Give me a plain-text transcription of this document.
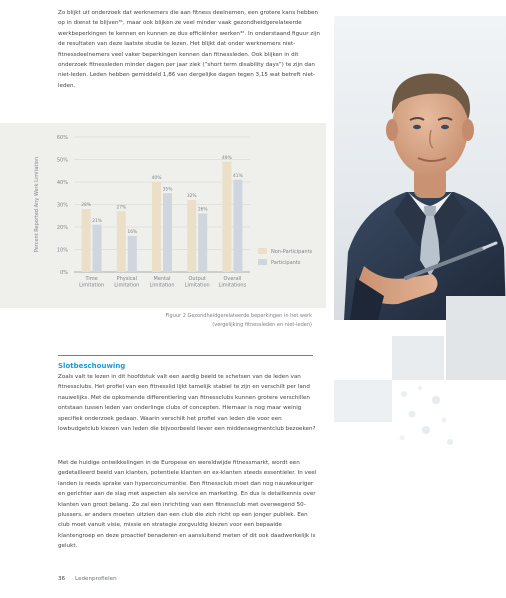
Zo blijkt uit onderzoek dat werknemers die aan fitness deelnemen, een grotere kans hebben op in dienst te blijven³¹, maar ook blijken ze veel minder vaak gezondheidgerelateerde werkbeperkingen te kennen en kunnen ze dus efficiënter werken³². In onderstaand figuur zijn de resultaten van deze laatste studie te lezen. Het blijkt dat onder werknemers niet-fitnessdeelnemers veel vaker beperkingen kennen dan fitnessleden. Ook blijken in dit onderzoek fitnessleden minder dagen per jaar ziek (“short term disability days”) te zijn dan niet-leden. Leden hebben gemiddeld 1,86 van dergelijke dagen tegen 3,15 wat betreft niet-leden.

0%
10%
20%
30%
40%
50%
60%
Percent Reported Any Work Limitation	28%
21%
Time
Limitation
27%
16%
Physical
Limitation
40%
35%
Mental
Limitation
32%
26%
Output
Limitation
49%
41%
Overall
Limitations
Non-Participants
Participants
Figuur 2 Gezondheidgerelateerde beperkingen in het werk
(vergelijking fitnessleden en niet-leden)
Slotbeschouwing

Zoals valt te lezen in dit hoofdstuk valt een aardig beeld te schetsen van de leden van fitnessclubs. Het profiel van een fitnesslid lijkt tamelijk stabiel te zijn en verschilt per land nauwelijks. Met de opkomende differentiering van fitnessclubs kunnen grotere verschillen ontstaan tussen leden van onderlinge clubs of concepten. Hiernaar is nog maar weinig specifiek onderzoek gedaan. Waarin verschilt het profiel van leden die voor een lowbudgetclub kiezen van leden die bijvoorbeeld liever een middensegmentclub bezoeken?

Met de huidige ontwikkelingen in de Europese en wereldwijde fitnessmarkt, wordt een gedetailleerd beeld van klanten, potentiele klanten en ex-klanten steeds essentieler. In veel landen is reeds sprake van hyperconcurrentie. Een fitnessclub moet dan nog nauwkeuriger en gerichter aan de slag met aspecten als service en marketing. En dus is detailkennis over klanten van groot belang. Zo zal een inrichting van een fitnessclub met overwegend 50-plussers, er anders moeten uitzien dan een club die zich richt op een jonger publiek. Een club moet vanuit visie, missie en strategie zorgvuldig kiezen voor een bepaalde klantengroep en deze proactief benaderen en aansluitend meten of dit ook daadwerkelijk is gelukt.

36 Ledenprofielen
